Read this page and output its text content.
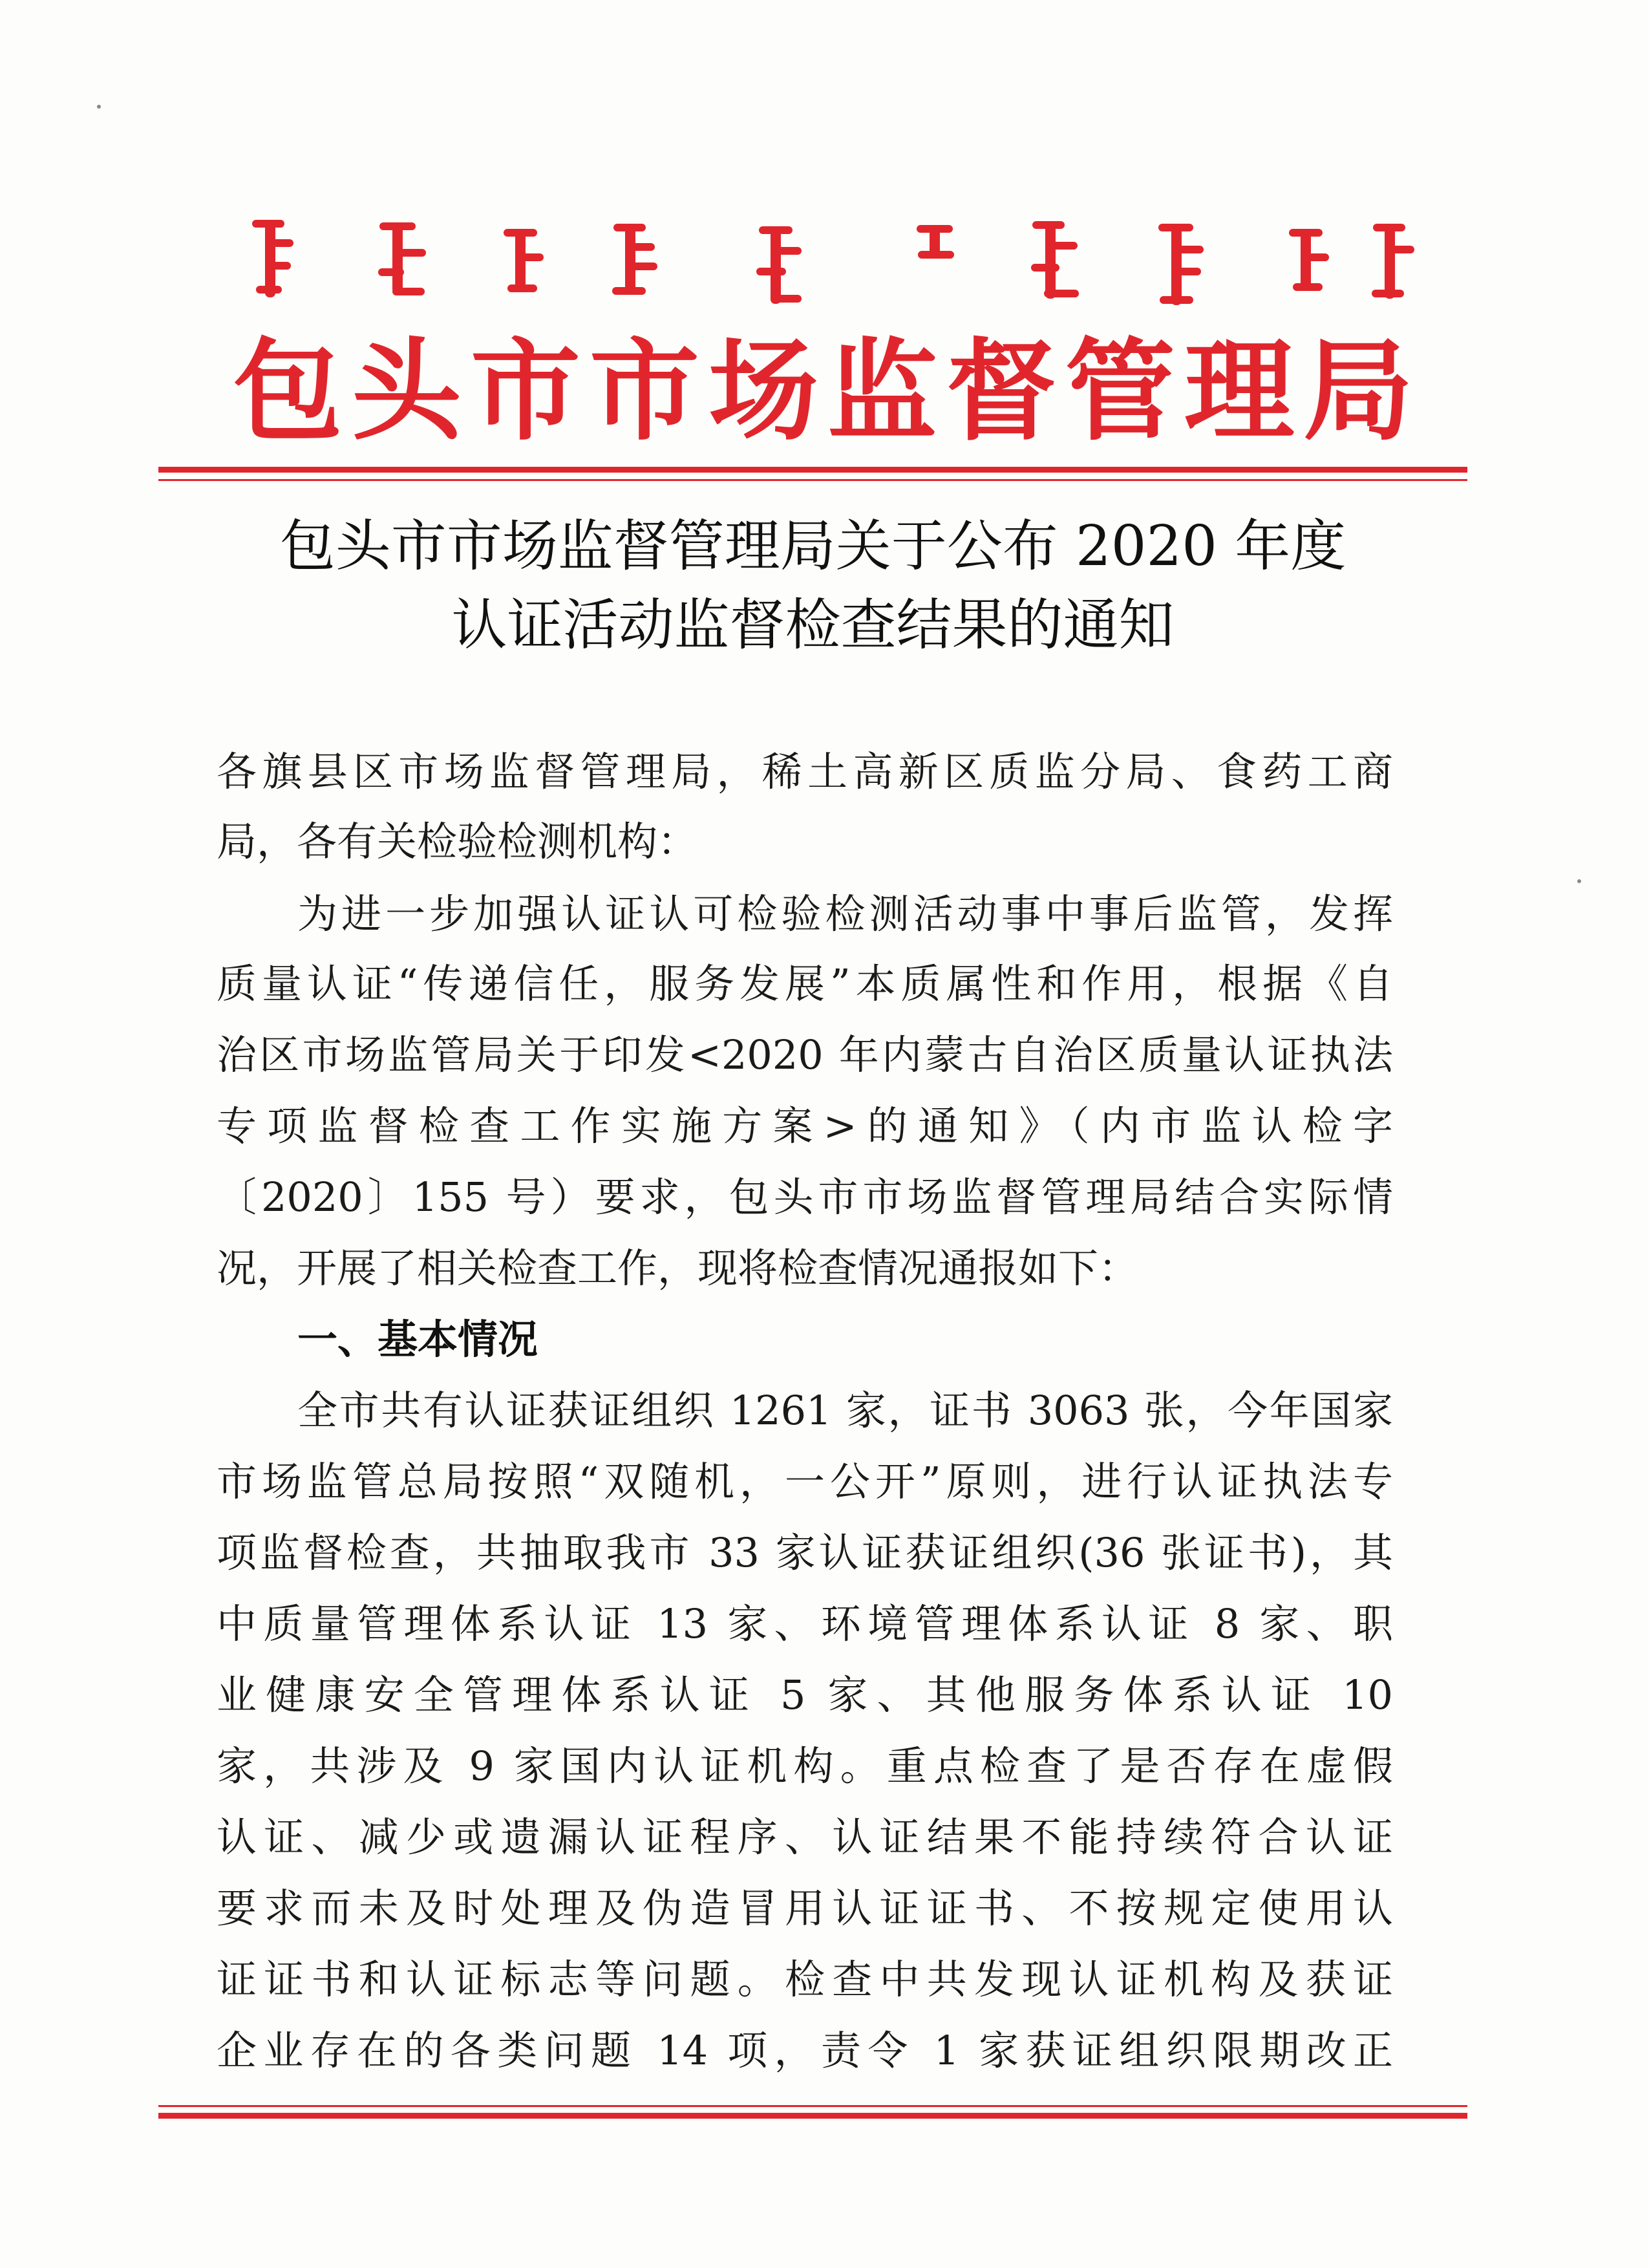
包头市市场监督管理局
包头市市场监督管理局关于公布 2020 年度
认证活动监督检查结果的通知
各旗县区市场监督管理局，稀土高新区质监分局、食药工商
局，各有关检验检测机构：
为进一步加强认证认可检验检测活动事中事后监管，发挥
质量认证“传递信任，服务发展”本质属性和作用，根据《自
治区市场监管局关于印发<2020 年内蒙古自治区质量认证执法
专项监督检查工作实施方案>的通知》（内市监认检字
〔2020〕155 号）要求，包头市市场监督管理局结合实际情
况，开展了相关检查工作，现将检查情况通报如下：
一、基本情况
全市共有认证获证组织 1261 家，证书 3063 张，今年国家
市场监管总局按照“双随机，一公开”原则，进行认证执法专
项监督检查，共抽取我市 33 家认证获证组织(36 张证书)，其
中质量管理体系认证 13 家、环境管理体系认证 8 家、职
业健康安全管理体系认证 5 家、其他服务体系认证 10
家，共涉及 9 家国内认证机构。重点检查了是否存在虚假
认证、减少或遗漏认证程序、认证结果不能持续符合认证
要求而未及时处理及伪造冒用认证证书、不按规定使用认
证证书和认证标志等问题。检查中共发现认证机构及获证
企业存在的各类问题 14 项，责令 1 家获证组织限期改正
